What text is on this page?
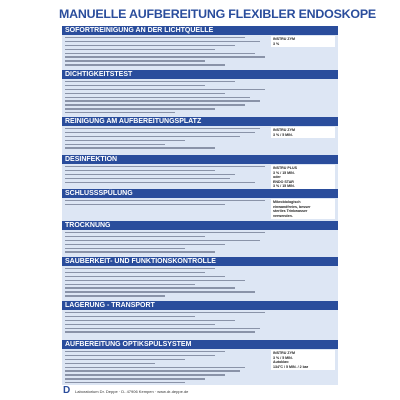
MANUELLE AUFBEREITUNG FLEXIBLER ENDOSKOPE
SOFORTREINIGUNG AN DER LICHTQUELLE
INSTRU ZYM
3 %
DICHTIGKEITSTEST
REINIGUNG AM AUFBEREITUNGSPLATZ
INSTRU ZYM
3 % / 5 MIN.
DESINFEKTION
INSTRU PLUS
3 % / 15 MIN.
oder
ENDO STAR
3 % / 15 MIN.
SCHLUSSSPÜLUNG
Mikrobiologisch
einwandfreies, besser
steriles Trinkwasser
verwenden.
TROCKNUNG
SAUBERKEIT- UND FUNKTIONSKONTROLLE
LAGERUNG - TRANSPORT
AUFBEREITUNG OPTIKSPÜLSYSTEM
INSTRU ZYM
3 % / 5 MIN.
Autoklav:
134°C / 5 MIN. / 2 bar
D Laboratorium Dr. Deppe · D- 47906 Kempen · www.dr-deppe.de
